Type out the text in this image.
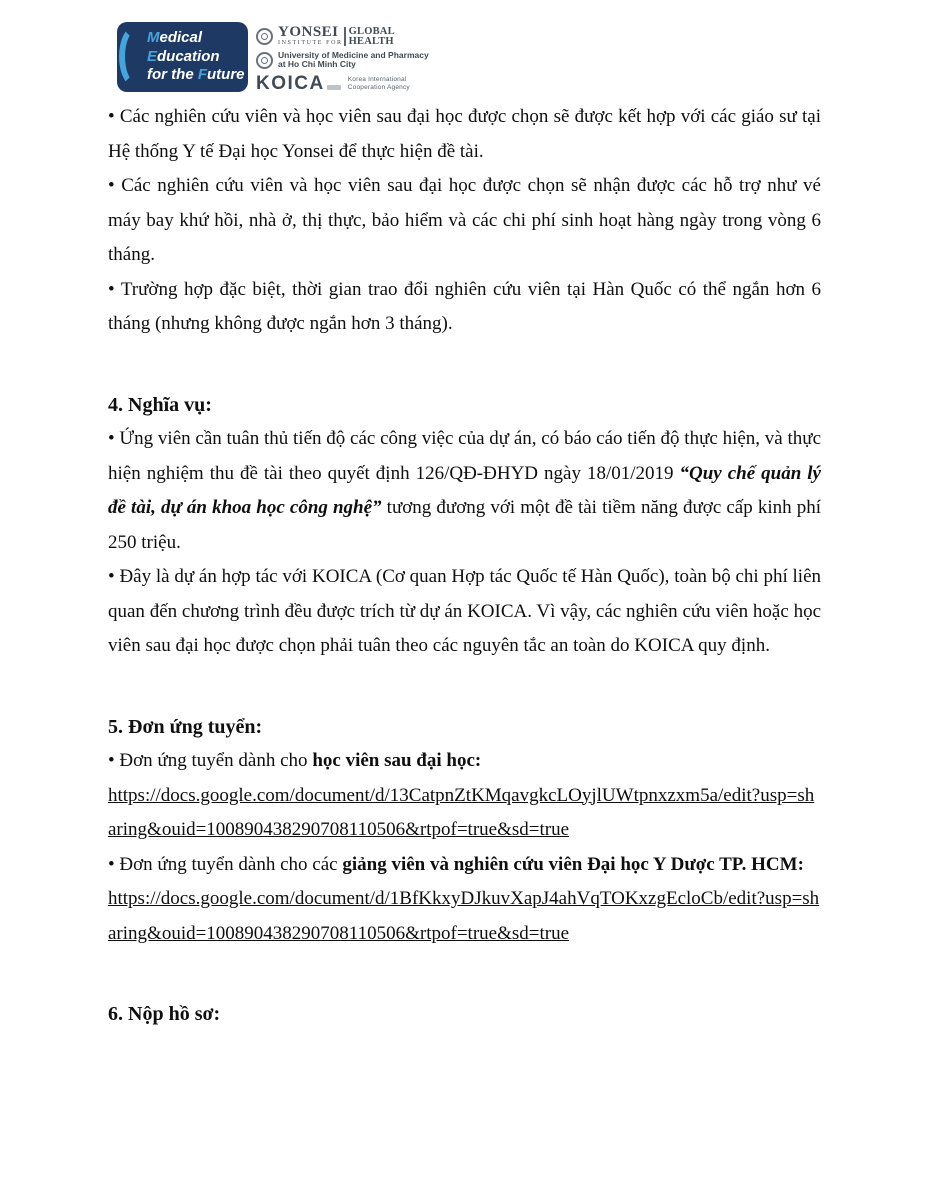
Medical
Education
for the Future
YONSEI
INSTITUTE FOR
GLOBAL
HEALTH
University of Medicine and Pharmacy
at Ho Chi Minh City
KOICA	Korea International
Cooperation Agency

• Các nghiên cứu viên và học viên sau đại học được chọn sẽ được kết hợp với các giáo sư tại Hệ thống Y tế Đại học Yonsei để thực hiện đề tài.

• Các nghiên cứu viên và học viên sau đại học được chọn sẽ nhận được các hỗ trợ như vé máy bay khứ hồi, nhà ở, thị thực, bảo hiểm và các chi phí sinh hoạt hàng ngày trong vòng 6 tháng.

• Trường hợp đặc biệt, thời gian trao đổi nghiên cứu viên tại Hàn Quốc có thể ngắn hơn 6 tháng (nhưng không được ngắn hơn 3 tháng).

4. Nghĩa vụ:

• Ứng viên cần tuân thủ tiến độ các công việc của dự án, có báo cáo tiến độ thực hiện, và thực hiện nghiệm thu đề tài theo quyết định 126/QĐ-ĐHYD ngày 18/01/2019 “Quy chế quản lý đề tài, dự án khoa học công nghệ” tương đương với một đề tài tiềm năng được cấp kinh phí 250 triệu.

• Đây là dự án hợp tác với KOICA (Cơ quan Hợp tác Quốc tế Hàn Quốc), toàn bộ chi phí liên quan đến chương trình đều được trích từ dự án KOICA. Vì vậy, các nghiên cứu viên hoặc học viên sau đại học được chọn phải tuân theo các nguyên tắc an toàn do KOICA quy định.

5. Đơn ứng tuyển:

• Đơn ứng tuyển dành cho học viên sau đại học:

https://docs.google.com/document/d/13CatpnZtKMqavgkcLOyjlUWtpnxzxm5a/edit?usp=sharing&ouid=100890438290708110506&rtpof=true&sd=true

• Đơn ứng tuyển dành cho các giảng viên và nghiên cứu viên Đại học Y Dược TP. HCM:

https://docs.google.com/document/d/1BfKkxyDJkuvXapJ4ahVqTOKxzgEcloCb/edit?usp=sharing&ouid=100890438290708110506&rtpof=true&sd=true

6. Nộp hồ sơ:
